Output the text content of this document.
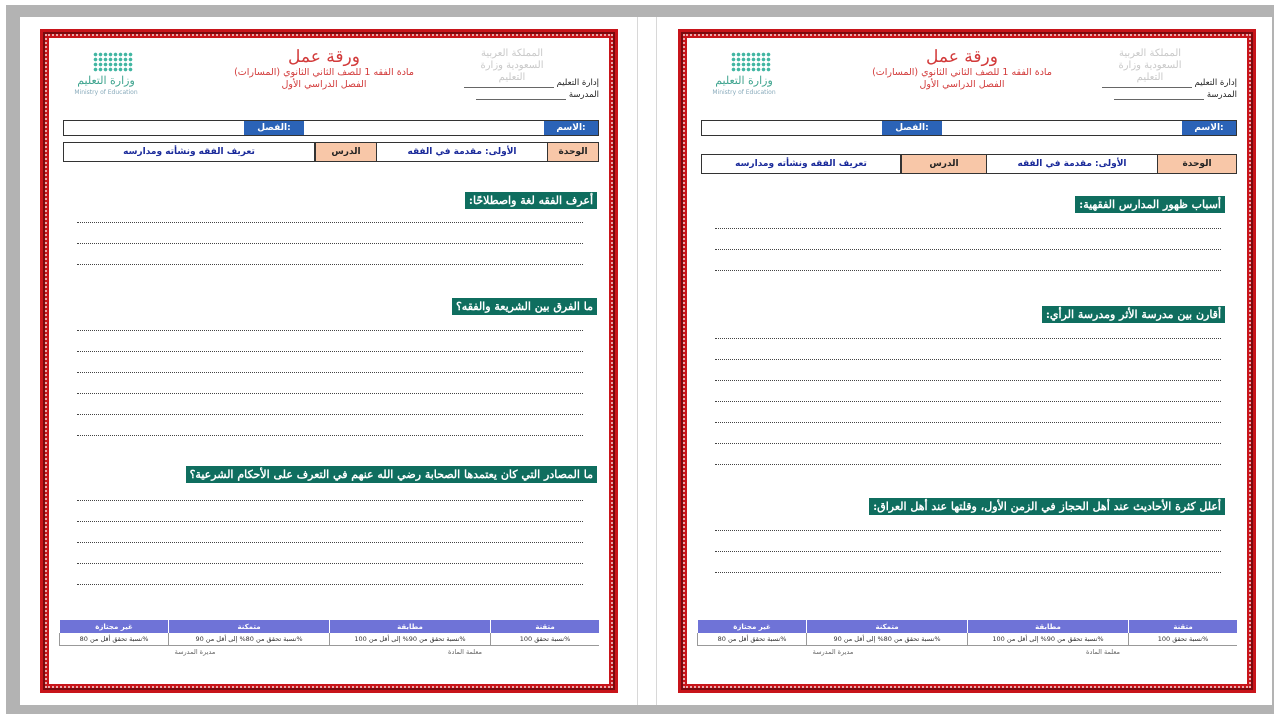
وزارة التعليم
Ministry of Education
ورقة عمل
مادة الفقه 1 للصف الثاني الثانوي (المسارات)
الفصل الدراسي الأول
المملكة العربية السعودية وزارة التعليم	إدارة التعليم
المدرسة
الاسم:
الفصل:
الوحدة
الأولى: مقدمة في الفقه
الدرس
تعريف الفقه ونشأته ومدارسه
أعرف الفقه لغة واصطلاحًا:
ما الفرق بين الشريعة والفقه؟
ما المصادر التي كان يعتمدها الصحابة رضي الله عنهم في التعرف على الأحكام الشرعية؟
متقنة
مطابقة
متمكنة
غير مجتازة
نسبة تحقق 100%
نسبة تحقق من 90% إلى أقل من 100%
نسبة تحقق من 80% إلى أقل من 90%
نسبة تحقق أقل من 80%
معلمة المادة
مديرة المدرسة
وزارة التعليم
Ministry of Education
ورقة عمل
مادة الفقه 1 للصف الثاني الثانوي (المسارات)
الفصل الدراسي الأول
المملكة العربية السعودية وزارة التعليم	إدارة التعليم
المدرسة
الاسم:
الفصل:
الوحدة
الأولى: مقدمة في الفقه
الدرس
تعريف الفقه ونشأته ومدارسه
أسباب ظهور المدارس الفقهية:
أقارن بين مدرسة الأثر ومدرسة الرأي:
أعلل كثرة الأحاديث عند أهل الحجاز في الزمن الأول، وقلتها عند أهل العراق:
متقنة
مطابقة
متمكنة
غير مجتازة
نسبة تحقق 100%
نسبة تحقق من 90% إلى أقل من 100%
نسبة تحقق من 80% إلى أقل من 90%
نسبة تحقق أقل من 80%
معلمة المادة
مديرة المدرسة
